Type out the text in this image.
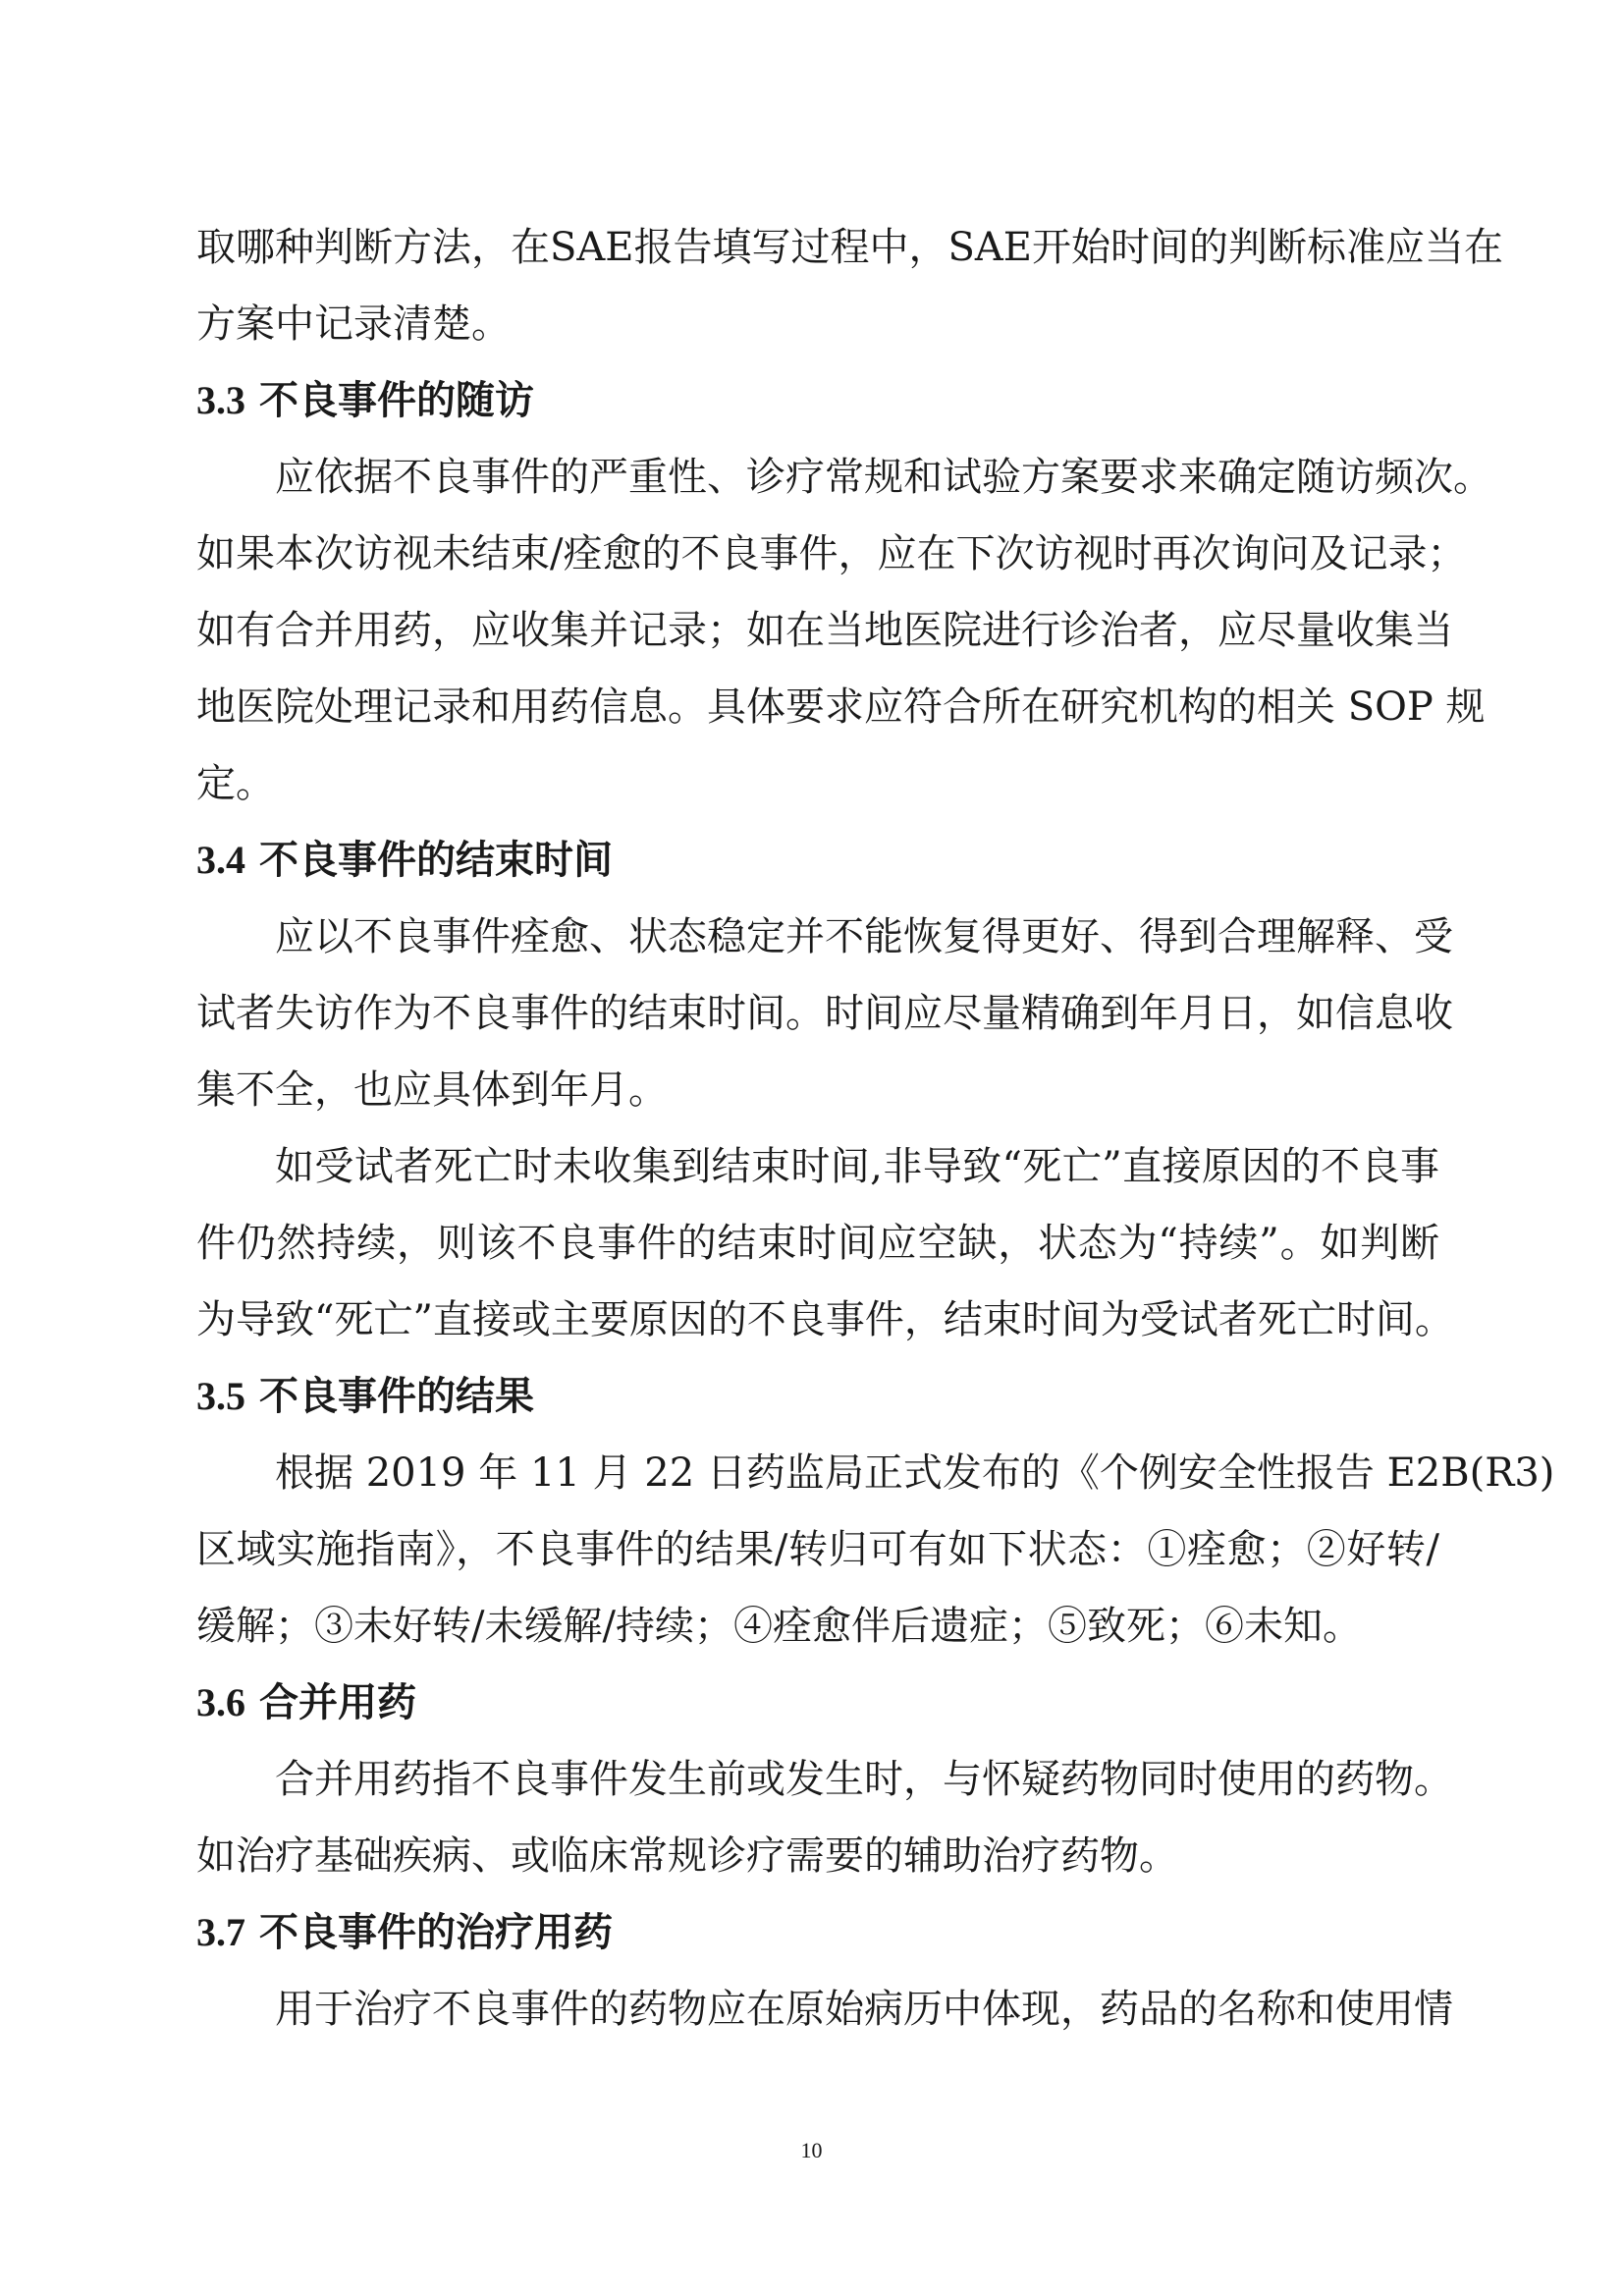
取哪种判断方法，在SAE报告填写过程中，SAE开始时间的判断标准应当在
方案中记录清楚。
3.3 不良事件的随访
应依据不良事件的严重性、诊疗常规和试验方案要求来确定随访频次。
如果本次访视未结束/痊愈的不良事件，应在下次访视时再次询问及记录；
如有合并用药，应收集并记录；如在当地医院进行诊治者，应尽量收集当
地医院处理记录和用药信息。具体要求应符合所在研究机构的相关 SOP 规
定。
3.4 不良事件的结束时间
应以不良事件痊愈、状态稳定并不能恢复得更好、得到合理解释、受
试者失访作为不良事件的结束时间。时间应尽量精确到年月日，如信息收
集不全，也应具体到年月。
如受试者死亡时未收集到结束时间,非导致“死亡”直接原因的不良事
件仍然持续，则该不良事件的结束时间应空缺，状态为“持续”。如判断
为导致“死亡”直接或主要原因的不良事件，结束时间为受试者死亡时间。
3.5 不良事件的结果
根据 2019 年 11 月 22 日药监局正式发布的《个例安全性报告 E2B(R3)
区域实施指南》，不良事件的结果/转归可有如下状态：①痊愈；②好转/
缓解；③未好转/未缓解/持续；④痊愈伴后遗症；⑤致死；⑥未知。
3.6 合并用药
合并用药指不良事件发生前或发生时，与怀疑药物同时使用的药物。
如治疗基础疾病、或临床常规诊疗需要的辅助治疗药物。
3.7 不良事件的治疗用药
用于治疗不良事件的药物应在原始病历中体现，药品的名称和使用情
10
